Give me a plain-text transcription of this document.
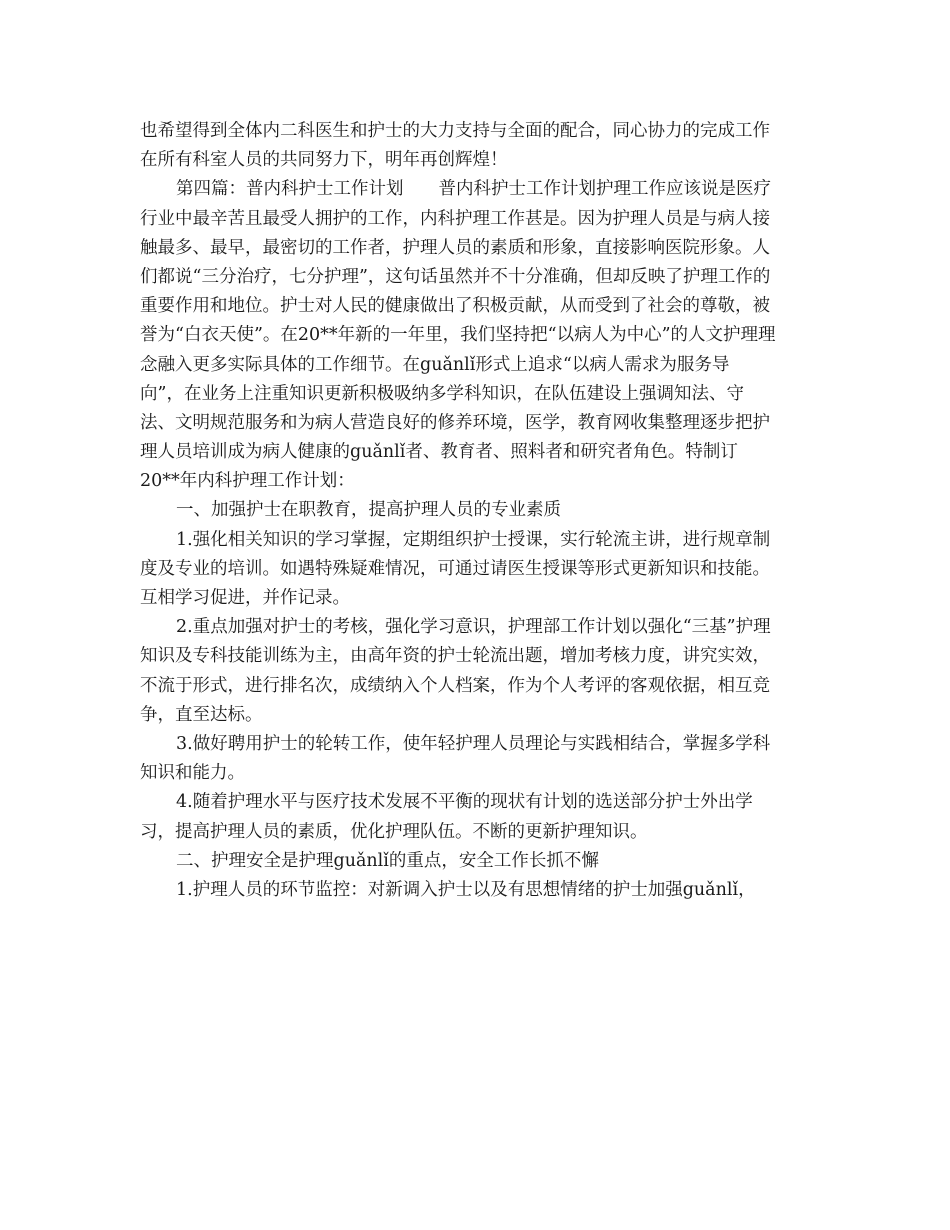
也希望得到全体内二科医生和护士的大力支持与全面的配合，同心协力的完成工作
在所有科室人员的共同努力下，明年再创辉煌！
第四篇：普内科护士工作计划　　普内科护士工作计划护理工作应该说是医疗
行业中最辛苦且最受人拥护的工作，内科护理工作甚是。因为护理人员是与病人接
触最多、最早，最密切的工作者，护理人员的素质和形象，直接影响医院形象。人
们都说“三分治疗，七分护理”，这句话虽然并不十分准确，但却反映了护理工作的
重要作用和地位。护士对人民的健康做出了积极贡献，从而受到了社会的尊敬，被
誉为“白衣天使”。在20**年新的一年里，我们坚持把“以病人为中心”的人文护理理
念融入更多实际具体的工作细节。在guǎnlǐ形式上追求“以病人需求为服务导
向”，在业务上注重知识更新积极吸纳多学科知识，在队伍建设上强调知法、守
法、文明规范服务和为病人营造良好的修养环境，医学，教育网收集整理逐步把护
理人员培训成为病人健康的guǎnlǐ者、教育者、照料者和研究者角色。特制订
20**年内科护理工作计划：
一、加强护士在职教育，提高护理人员的专业素质
1.强化相关知识的学习掌握，定期组织护士授课，实行轮流主讲，进行规章制
度及专业的培训。如遇特殊疑难情况，可通过请医生授课等形式更新知识和技能。
互相学习促进，并作记录。
2.重点加强对护士的考核，强化学习意识，护理部工作计划以强化“三基”护理
知识及专科技能训练为主，由高年资的护士轮流出题，增加考核力度，讲究实效，
不流于形式，进行排名次，成绩纳入个人档案，作为个人考评的客观依据，相互竞
争，直至达标。
3.做好聘用护士的轮转工作，使年轻护理人员理论与实践相结合，掌握多学科
知识和能力。
4.随着护理水平与医疗技术发展不平衡的现状有计划的选送部分护士外出学
习，提高护理人员的素质，优化护理队伍。不断的更新护理知识。
二、护理安全是护理guǎnlǐ的重点，安全工作长抓不懈
1.护理人员的环节监控：对新调入护士以及有思想情绪的护士加强guǎnlǐ，
